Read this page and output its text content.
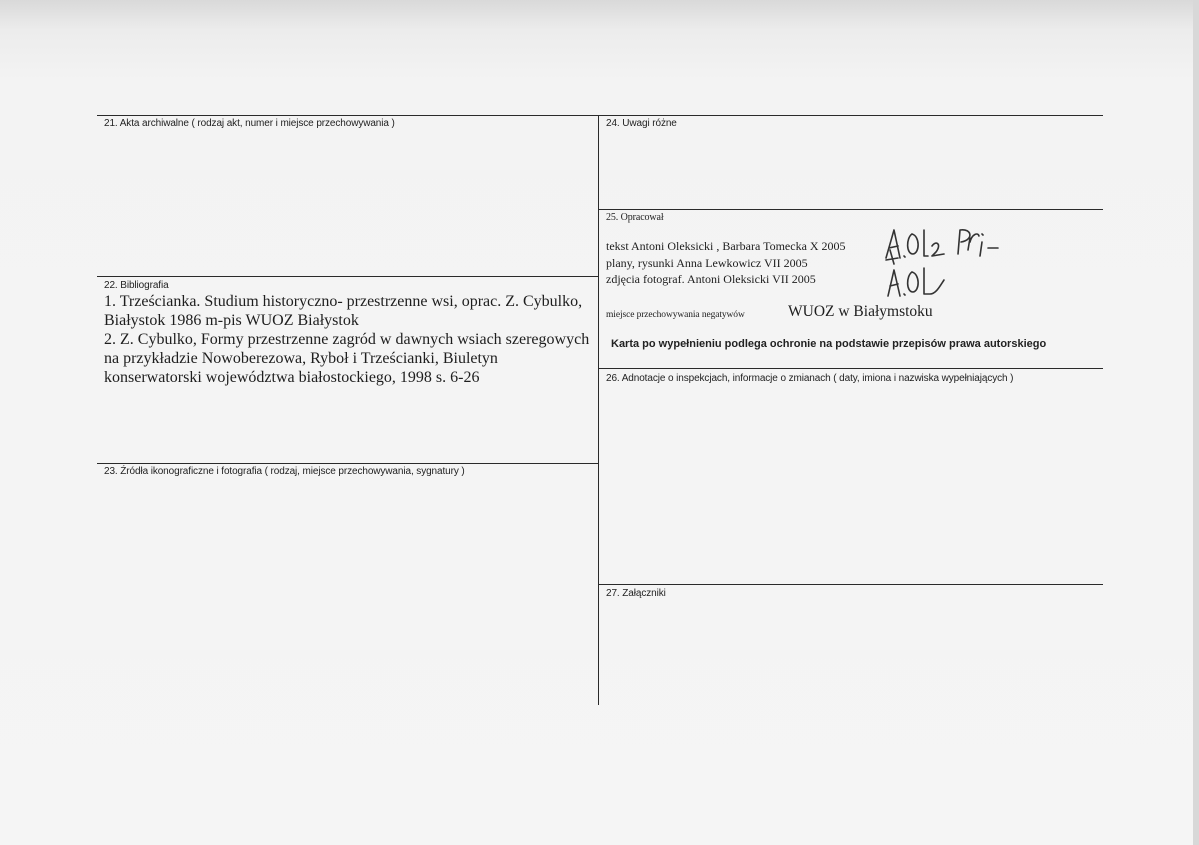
21. Akta archiwalne ( rodzaj akt, numer i miejsce przechowywania )
22. Bibliografia

1. Trześcianka. Studium historyczno- przestrzenne wsi, oprac. Z. Cybulko, Białystok 1986 m-pis WUOZ Białystok

2. Z. Cybulko, Formy przestrzenne zagród w dawnych wsiach szeregowych na przykładzie Nowoberezowa, Ryboł i Trześcianki, Biuletyn konserwatorski województwa białostockiego, 1998 s. 6-26

23. Źródła ikonograficzne i fotografia ( rodzaj, miejsce przechowywania, sygnatury )
24. Uwagi różne
25. Opracował
tekst Antoni Oleksicki , Barbara Tomecka X 2005
plany, rysunki Anna Lewkowicz VII 2005
zdjęcia fotograf. Antoni Oleksicki VII 2005
miejsce przechowywania negatywów	WUOZ w Białymstoku
Karta po wypełnieniu podlega ochronie na podstawie przepisów prawa autorskiego
26. Adnotacje o inspekcjach, informacje o zmianach ( daty, imiona i nazwiska wypełniających )
27. Załączniki
